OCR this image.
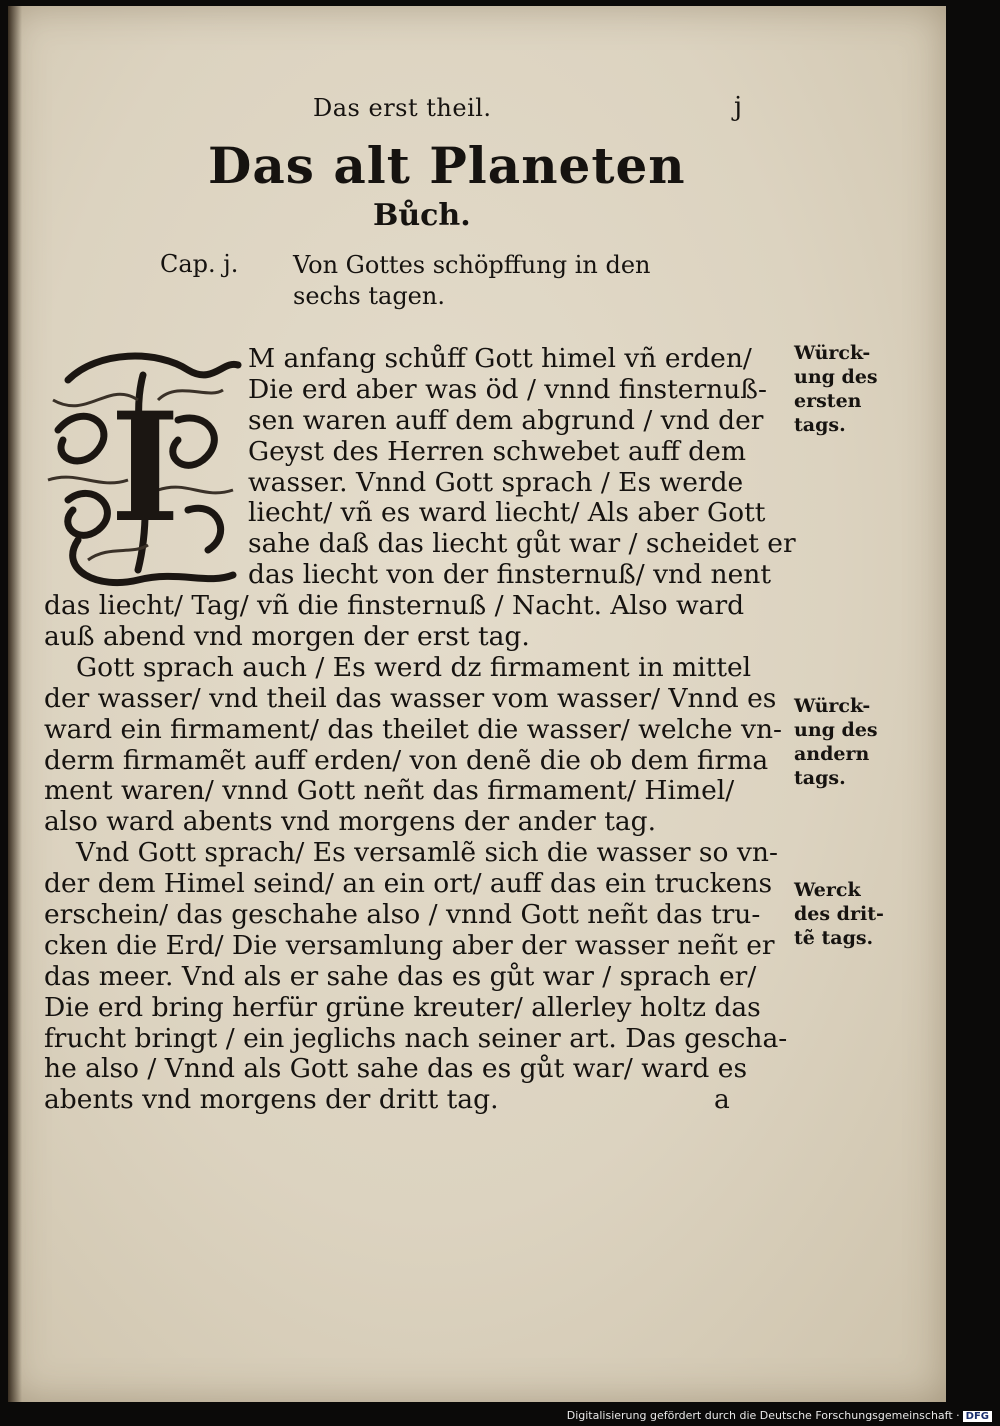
Das erst theil.	j
Das alt Planeten
Bůch.
Cap. j. Von Gottes schöpffung in den
sechs tagen.
I
M anfang schůff Gott himel vñ erden/
Die erd aber was öd / vnnd finsternuß-
sen waren auff dem abgrund / vnd der
Geyst des Herren schwebet auff dem
wasser. Vnnd Gott sprach / Es werde
liecht/ vñ es ward liecht/ Als aber Gott
sahe daß das liecht gůt war / scheidet er
das liecht von der finsternuß/ vnd nent
das liecht/ Tag/ vñ die finsternuß / Nacht. Also ward
auß abend vnd morgen der erst tag.
Gott sprach auch / Es werd dz firmament in mittel
der wasser/ vnd theil das wasser vom wasser/ Vnnd es
ward ein firmament/ das theilet die wasser/ welche vn-
derm firmamẽt auff erden/ von denẽ die ob dem firma
ment waren/ vnnd Gott neñt das firmament/ Himel/
also ward abents vnd morgens der ander tag.
Vnd Gott sprach/ Es versamlẽ sich die wasser so vn-
der dem Himel seind/ an ein ort/ auff das ein truckens
erschein/ das geschahe also / vnnd Gott neñt das tru-
cken die Erd/ Die versamlung aber der wasser neñt er
das meer. Vnd als er sahe das es gůt war / sprach er/
Die erd bring herfür grüne kreuter/ allerley holtz das
frucht bringt / ein jeglichs nach seiner art. Das gescha-
he also / Vnnd als Gott sahe das es gůt war/ ward es
abents vnd morgens der dritt tag.	a
Würck-
ung des
ersten
tags.
Würck-
ung des
andern
tags.
Werck
des drit-
tẽ tags.
Digitalisierung gefördert durch die Deutsche Forschungsgemeinschaft · DFG
